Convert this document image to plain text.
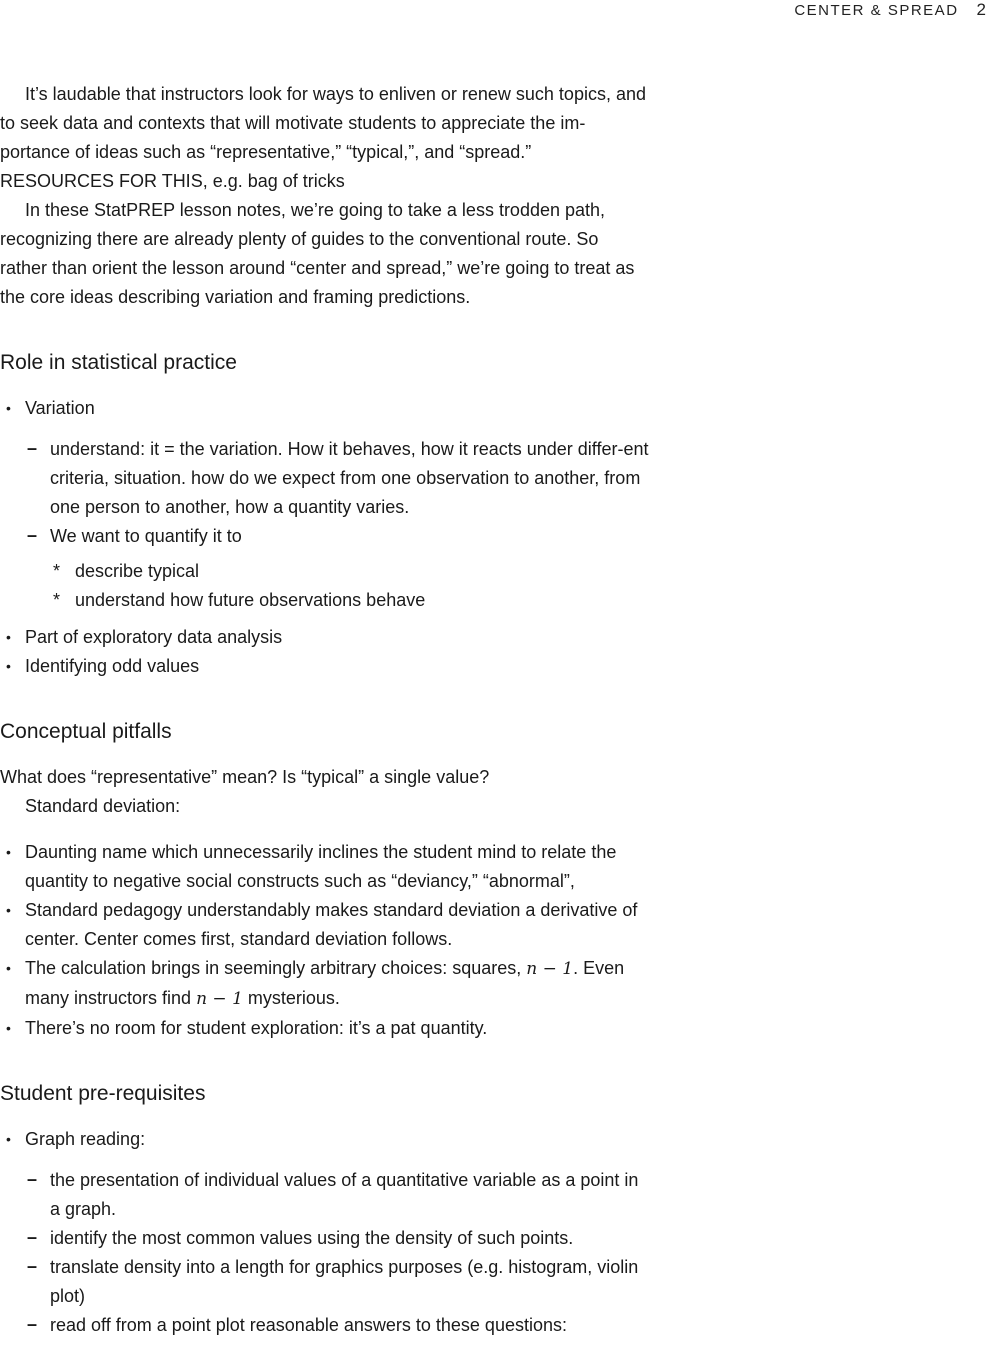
CENTER & SPREAD 2

It’s laudable that instructors look for ways to enliven or renew such topics, and to seek data and contexts that will motivate students to appreciate the im-portance of ideas such as “representative,” “typical,”, and “spread.” RESOURCES FOR THIS, e.g. bag of tricks

In these StatPREP lesson notes, we’re going to take a less trodden path, recognizing there are already plenty of guides to the conventional route. So rather than orient the lesson around “center and spread,” we’re going to treat as the core ideas describing variation and framing predictions.

Role in statistical practice
• Variation
– understand: it = the variation. How it behaves, how it reacts under differ-ent criteria, situation. how do we expect from one observation to another, from one person to another, how a quantity varies.
– We want to quantify it to
* describe typical
* understand how future observations behave
• Part of exploratory data analysis
• Identifying odd values
Conceptual pitfalls

What does “representative” mean? Is “typical” a single value?

Standard deviation:

• Daunting name which unnecessarily inclines the student mind to relate the quantity to negative social constructs such as “deviancy,” “abnormal”,
• Standard pedagogy understandably makes standard deviation a derivative of center. Center comes first, standard deviation follows.
• The calculation brings in seemingly arbitrary choices: squares, n − 1. Even many instructors find n − 1 mysterious.
• There’s no room for student exploration: it’s a pat quantity.
Student pre-requisites
• Graph reading:
– the presentation of individual values of a quantitative variable as a point in a graph.
– identify the most common values using the density of such points.
– translate density into a length for graphics purposes (e.g. histogram, violin plot)
– read off from a point plot reasonable answers to these questions:
